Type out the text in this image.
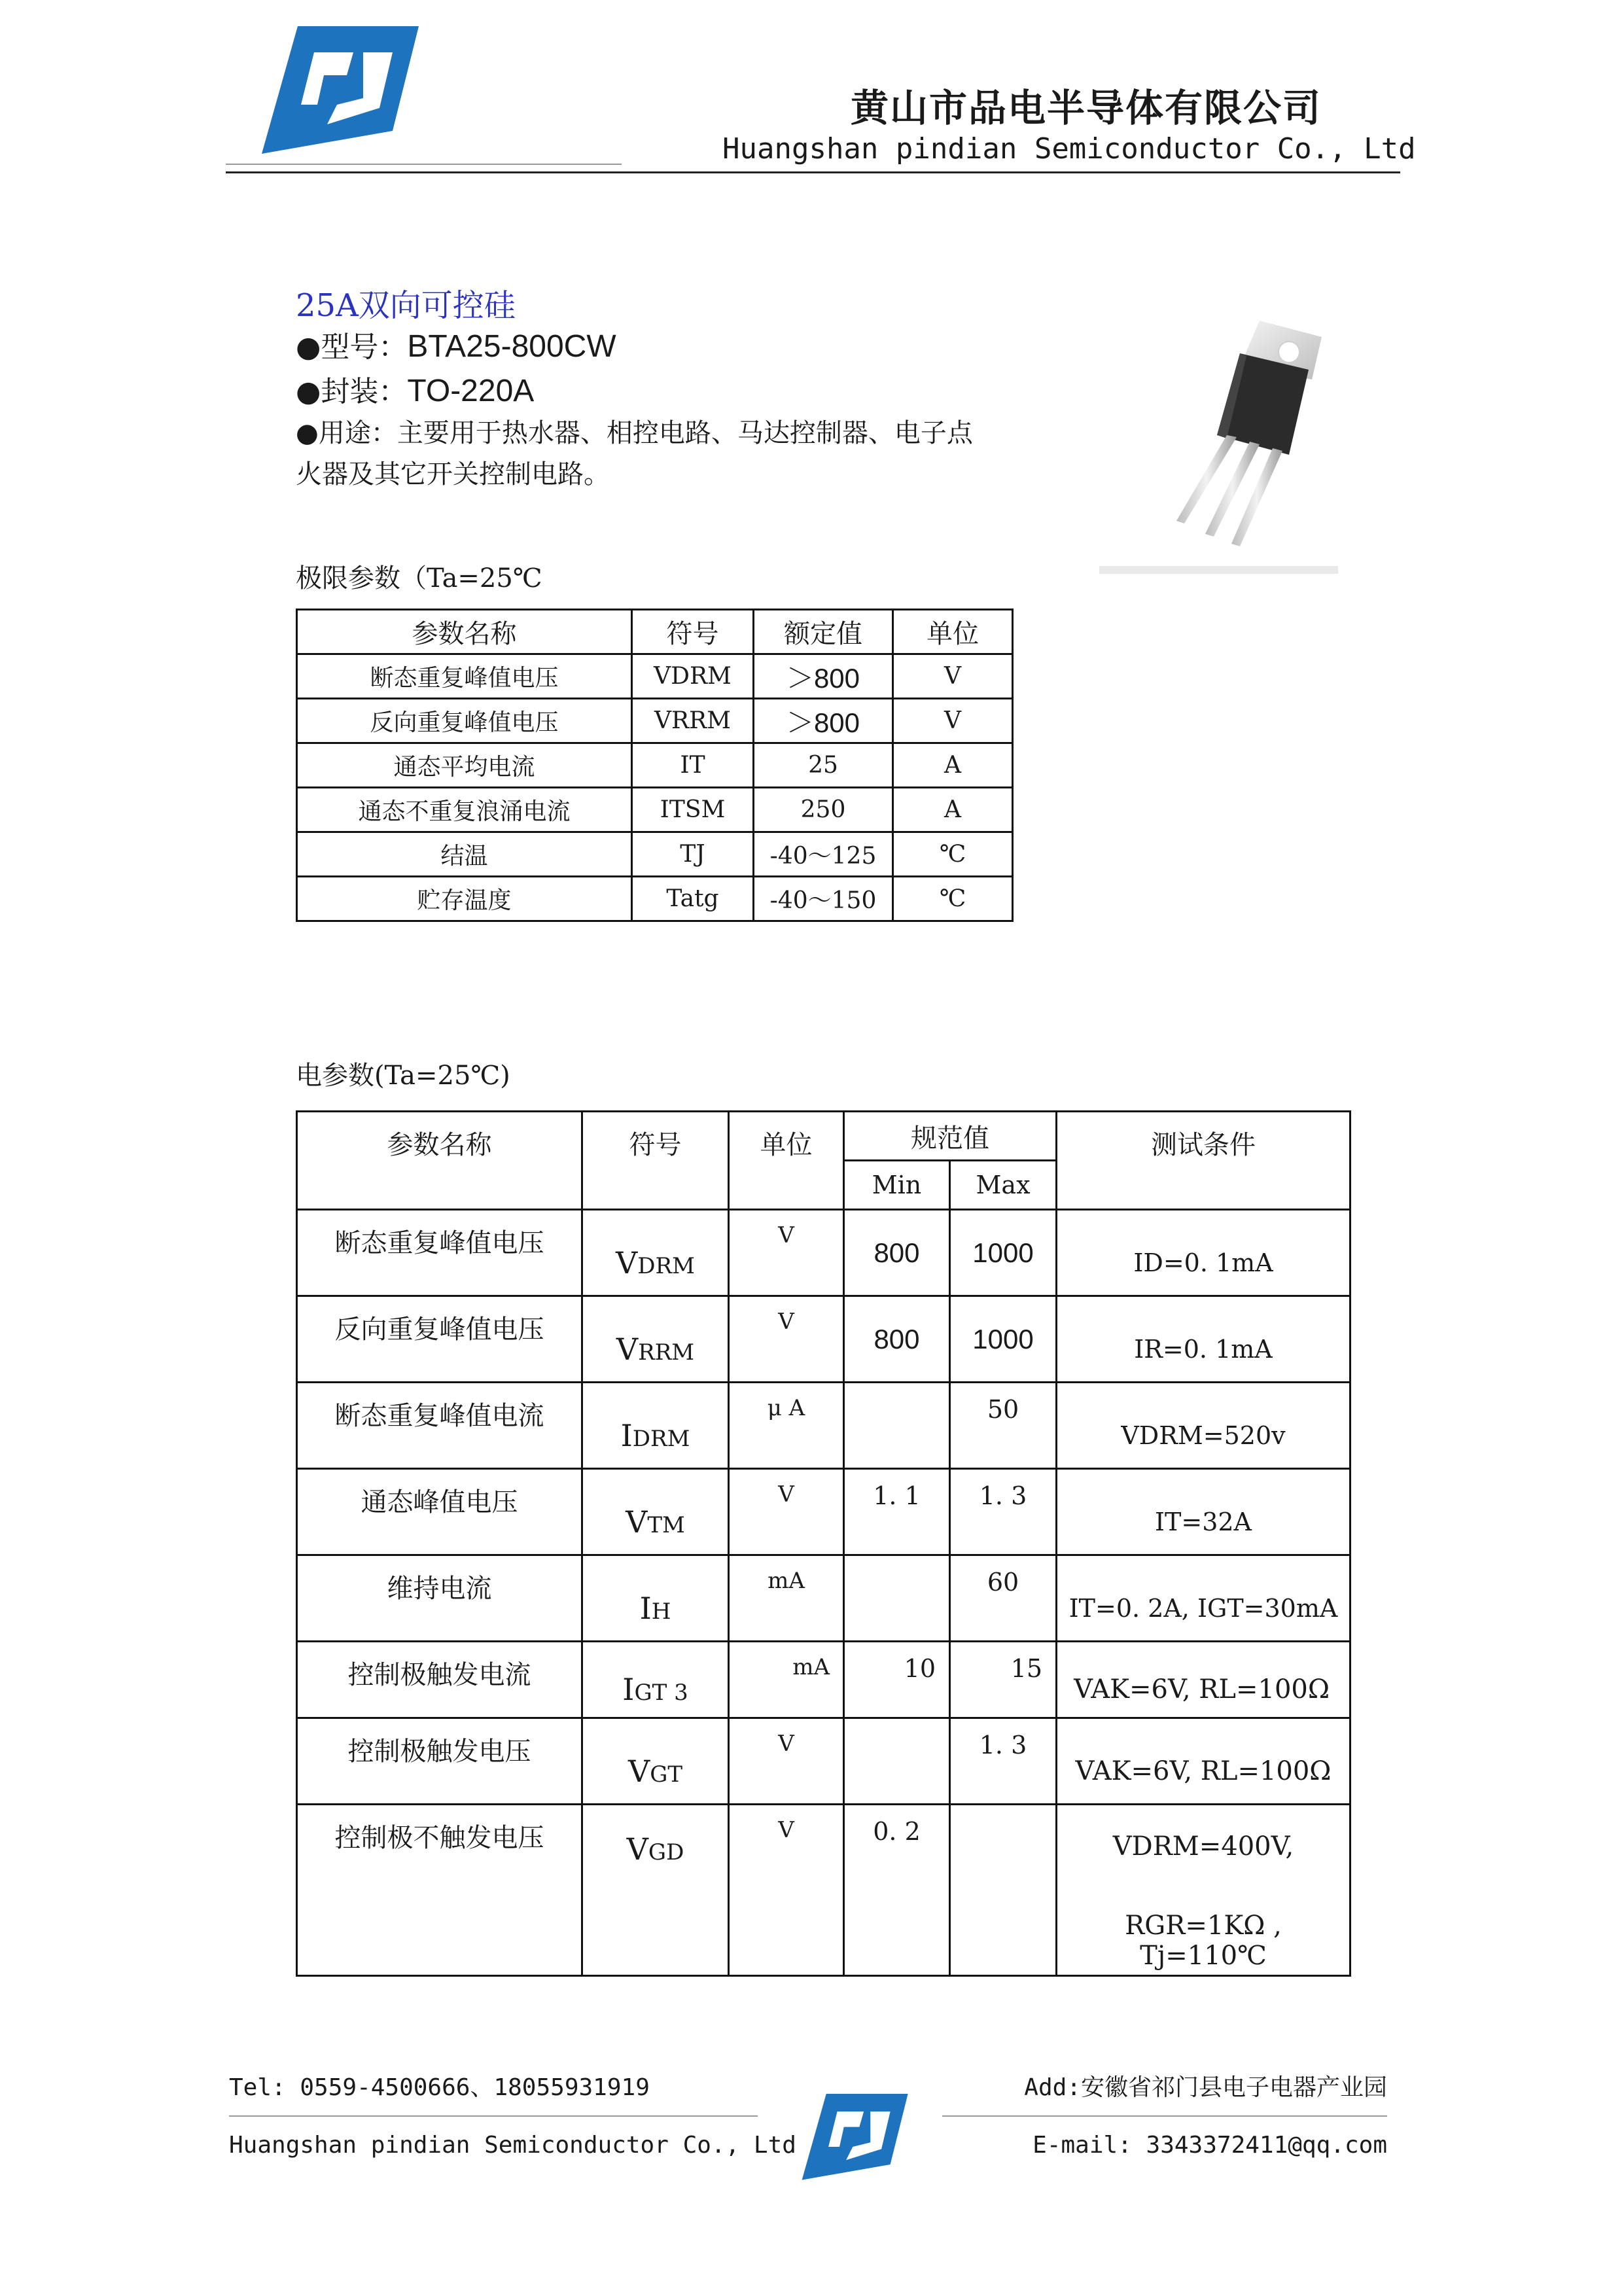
黄山市品电半导体有限公司
Huangshan pindian Semiconductor Co., Ltd
25A双向可控硅
●型号：BTA25-800CW
●封装：TO-220A
●用途：主要用于热水器、相控电路、马达控制器、电子点
火器及其它开关控制电路。
极限参数（Ta=25℃
参数名称	符号	额定值	单位
断态重复峰值电压	VDRM	＞800	V
反向重复峰值电压	VRRM	＞800	V
通态平均电流	IT	25	A
通态不重复浪涌电流	ITSM	250	A
结温	TJ	-40～125	℃
贮存温度	Tatg	-40～150	℃
电参数(Ta=25℃)
参数名称	符号	单位	规范值		测试条件
			Min	Max	
断态重复峰值电压	VDRM	V	800	1000	ID=0. 1mA
反向重复峰值电压	VRRM	V	800	1000	IR=0. 1mA
断态重复峰值电流	IDRM	μ A		50	VDRM=520v
通态峰值电压	VTM	V	1. 1	1. 3	IT=32A
维持电流	IH	mA		60	IT=0. 2A, IGT=30mA
控制极触发电流	IGT 3	mA	10	15	VAK=6V, RL=100Ω
控制极触发电压	VGT	V		1. 3	VAK=6V, RL=100Ω
控制极不触发电压	VGD	V	0. 2		VDRM=400V,
RGR=1KΩ , Tj=110℃
Tel: 0559-4500666、18055931919	Add:安徽省祁门县电子电器产业园
Huangshan pindian Semiconductor Co., Ltd	E-mail: 3343372411@qq.com
